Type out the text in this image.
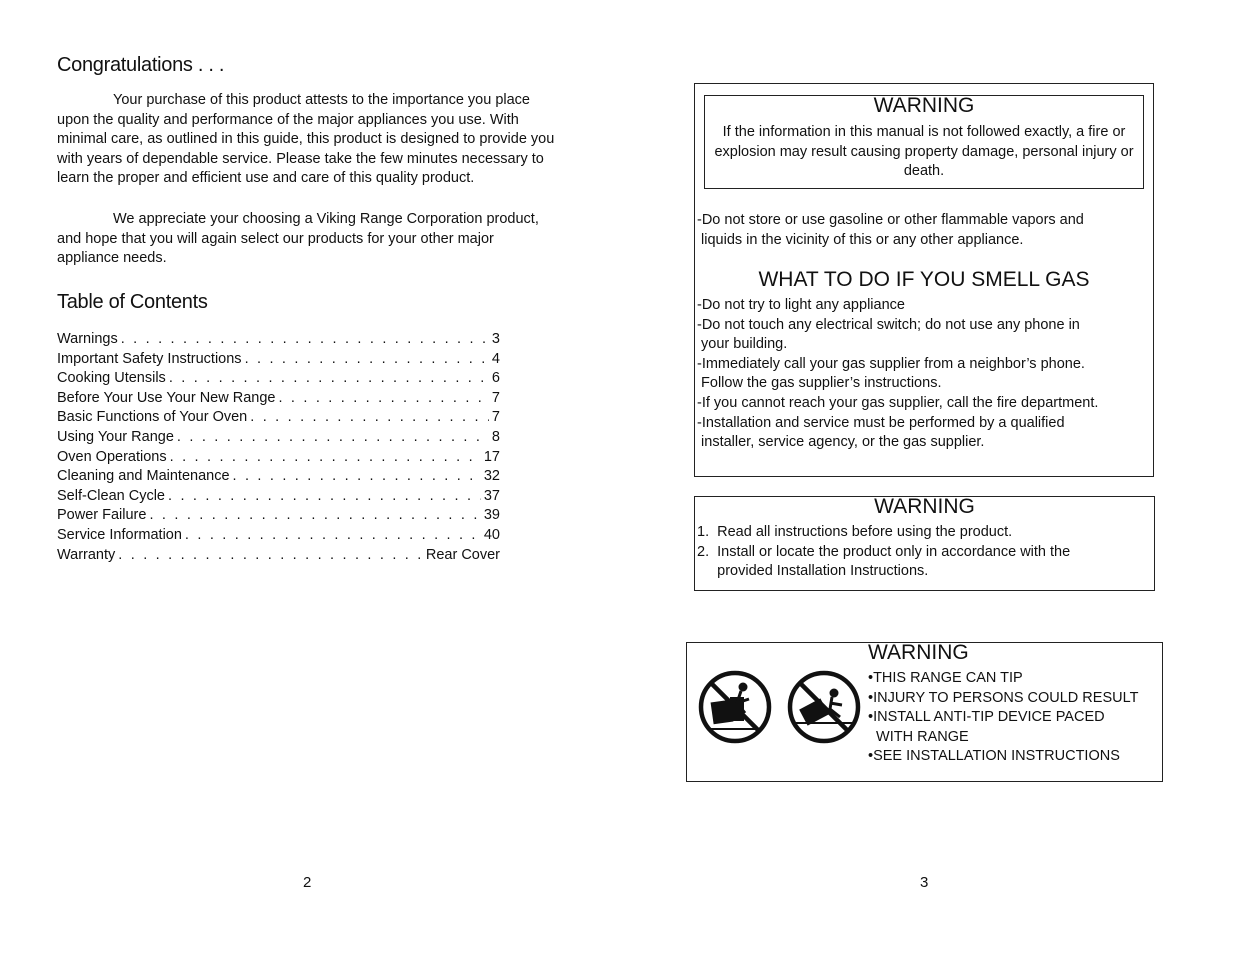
Congratulations . . .

Your purchase of this product attests to the importance you place upon the quality and performance of the major appliances you use. With minimal care, as outlined in this guide, this product is designed to provide you with years of dependable service. Please take the few minutes necessary to learn the proper and efficient use and care of this quality product.

We appreciate your choosing a Viking Range Corporation product, and hope that you will again select our products for your other major appliance needs.

Table of Contents
Warnings . . .	3
Important Safety Instructions . . .	4
Cooking Utensils . . .	6
Before Your Use Your New Range . . .	7
Basic Functions of Your Oven . . .	7
Using Your Range . . .	8
Oven Operations . . .	17
Cleaning and Maintenance . . .	32
Self-Clean Cycle . . .	37
Power Failure . . .	39
Service Information . . .	40
Warranty . . .	Rear Cover
2
WARNING

If the information in this manual is not followed exactly, a fire or explosion may result causing property damage, personal injury or death.

-Do not store or use gasoline or other flammable vapors and
liquids in the vicinity of this or any other appliance.

WHAT TO DO IF YOU SMELL GAS
-Do not try to light any appliance
-Do not touch any electrical switch; do not use any phone in
your building.
-Immediately call your gas supplier from a neighbor’s phone.
Follow the gas supplier’s instructions.
-If you cannot reach your gas supplier, call the fire department.
-Installation and service must be performed by a qualified
installer, service agency, or the gas supplier.
WARNING
1.  Read all instructions before using the product.
2.  Install or locate the product only in accordance with the
provided Installation Instructions.
WARNING
•THIS RANGE CAN TIP
•INJURY TO PERSONS COULD RESULT
•INSTALL ANTI-TIP DEVICE PACED
WITH RANGE
•SEE INSTALLATION INSTRUCTIONS
3
